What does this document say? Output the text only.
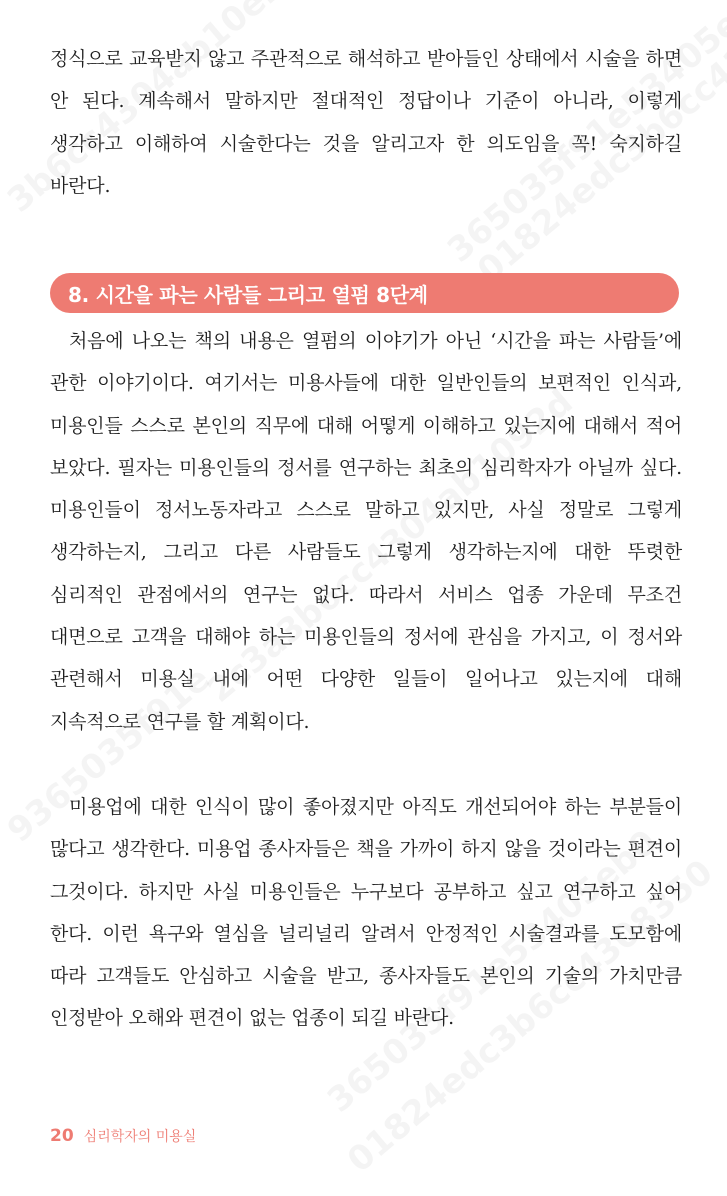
정식으로 교육받지 않고 주관적으로 해석하고 받아들인 상태에서 시술을 하면 안 된다. 계속해서 말하지만 절대적인 정답이나 기준이 아니라, 이렇게 생각하고 이해하여 시술한다는 것을 알리고자 한 의도임을 꼭! 숙지하길 바란다.

8. 시간을 파는 사람들 그리고 열펌 8단계

처음에 나오는 책의 내용은 열펌의 이야기가 아닌 ‘시간을 파는 사람들’에 관한 이야기이다. 여기서는 미용사들에 대한 일반인들의 보편적인 인식과, 미용인들 스스로 본인의 직무에 대해 어떻게 이해하고 있는지에 대해서 적어 보았다. 필자는 미용인들의 정서를 연구하는 최초의 심리학자가 아닐까 싶다. 미용인들이 정서노동자라고 스스로 말하고 있지만, 사실 정말로 그렇게 생각하는지, 그리고 다른 사람들도 그렇게 생각하는지에 대한 뚜렷한 심리적인 관점에서의 연구는 없다. 따라서 서비스 업종 가운데 무조건 대면으로 고객을 대해야 하는 미용인들의 정서에 관심을 가지고, 이 정서와 관련해서 미용실 내에 어떤 다양한 일들이 일어나고 있는지에 대해 지속적으로 연구를 할 계획이다.

미용업에 대한 인식이 많이 좋아졌지만 아직도 개선되어야 하는 부분들이 많다고 생각한다. 미용업 종사자들은 책을 가까이 하지 않을 것이라는 편견이 그것이다. 하지만 사실 미용인들은 누구보다 공부하고 싶고 연구하고 싶어 한다. 이런 욕구와 열심을 널리널리 알려서 안정적인 시술결과를 도모함에 따라 고객들도 안심하고 시술을 받고, 종사자들도 본인의 기술의 가치만큼 인정받아 오해와 편견이 없는 업종이 되길 바란다.

20 심리학자의 미용실
